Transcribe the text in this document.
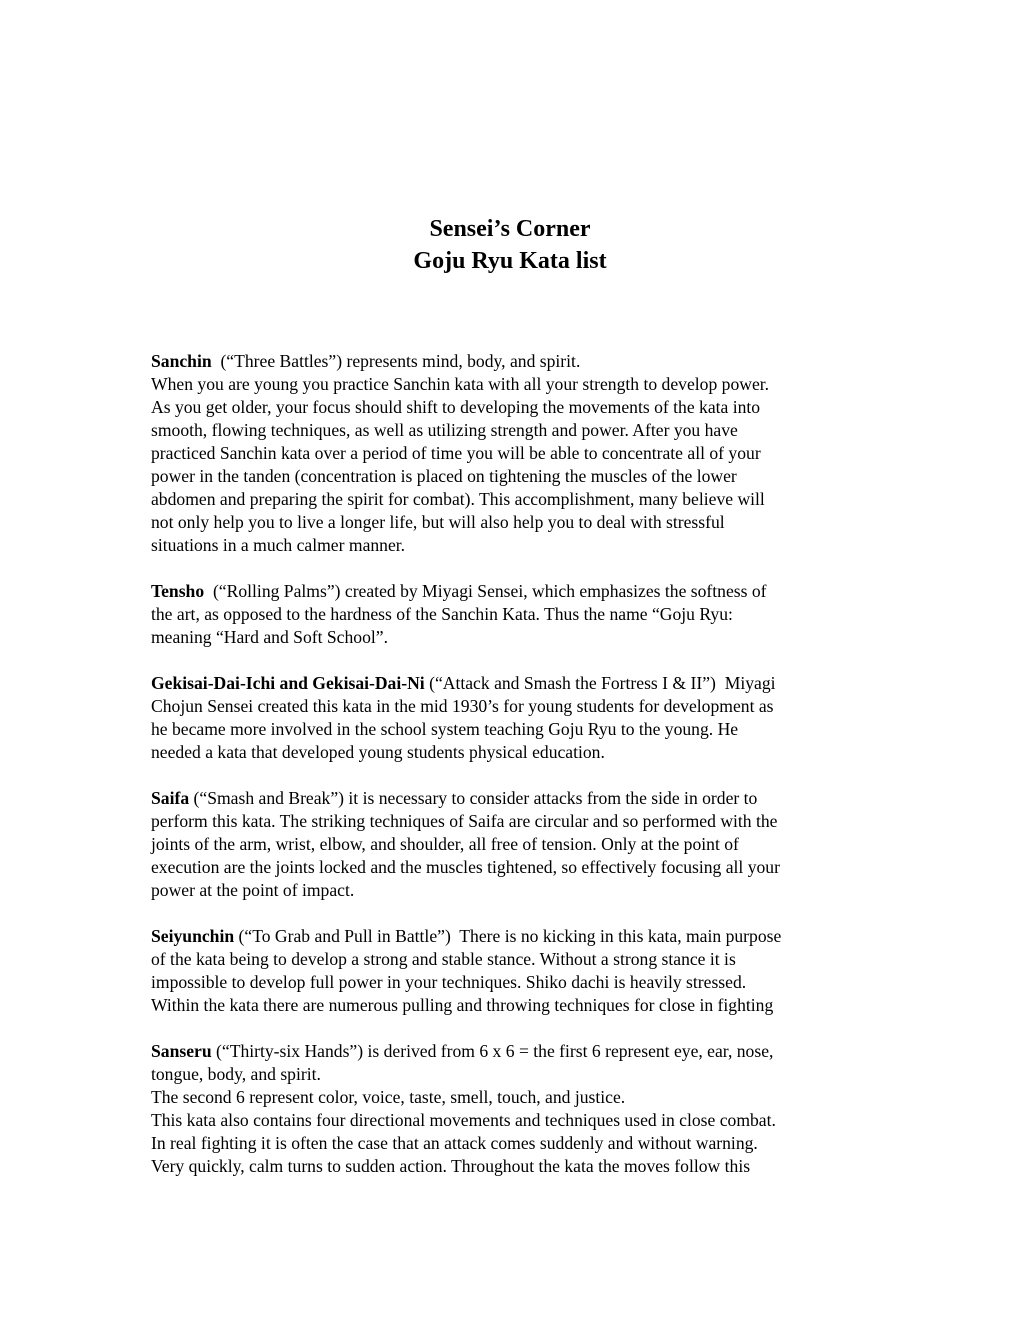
Sensei’s Corner
Goju Ryu Kata list
Sanchin  (“Three Battles”) represents mind, body, and spirit.
When you are young you practice Sanchin kata with all your strength to develop power.
As you get older, your focus should shift to developing the movements of the kata into
smooth, flowing techniques, as well as utilizing strength and power. After you have
practiced Sanchin kata over a period of time you will be able to concentrate all of your
power in the tanden (concentration is placed on tightening the muscles of the lower
abdomen and preparing the spirit for combat). This accomplishment, many believe will
not only help you to live a longer life, but will also help you to deal with stressful
situations in a much calmer manner.
Tensho  (“Rolling Palms”) created by Miyagi Sensei, which emphasizes the softness of
the art, as opposed to the hardness of the Sanchin Kata. Thus the name “Goju Ryu:
meaning “Hard and Soft School”.
Gekisai-Dai-Ichi and Gekisai-Dai-Ni (“Attack and Smash the Fortress I & II”)  Miyagi
Chojun Sensei created this kata in the mid 1930’s for young students for development as
he became more involved in the school system teaching Goju Ryu to the young. He
needed a kata that developed young students physical education.
Saifa (“Smash and Break”) it is necessary to consider attacks from the side in order to
perform this kata. The striking techniques of Saifa are circular and so performed with the
joints of the arm, wrist, elbow, and shoulder, all free of tension. Only at the point of
execution are the joints locked and the muscles tightened, so effectively focusing all your
power at the point of impact.
Seiyunchin (“To Grab and Pull in Battle”)  There is no kicking in this kata, main purpose
of the kata being to develop a strong and stable stance. Without a strong stance it is
impossible to develop full power in your techniques. Shiko dachi is heavily stressed.
Within the kata there are numerous pulling and throwing techniques for close in fighting
Sanseru (“Thirty-six Hands”) is derived from 6 x 6 = the first 6 represent eye, ear, nose,
tongue, body, and spirit.
The second 6 represent color, voice, taste, smell, touch, and justice.
This kata also contains four directional movements and techniques used in close combat.
In real fighting it is often the case that an attack comes suddenly and without warning.
Very quickly, calm turns to sudden action. Throughout the kata the moves follow this
